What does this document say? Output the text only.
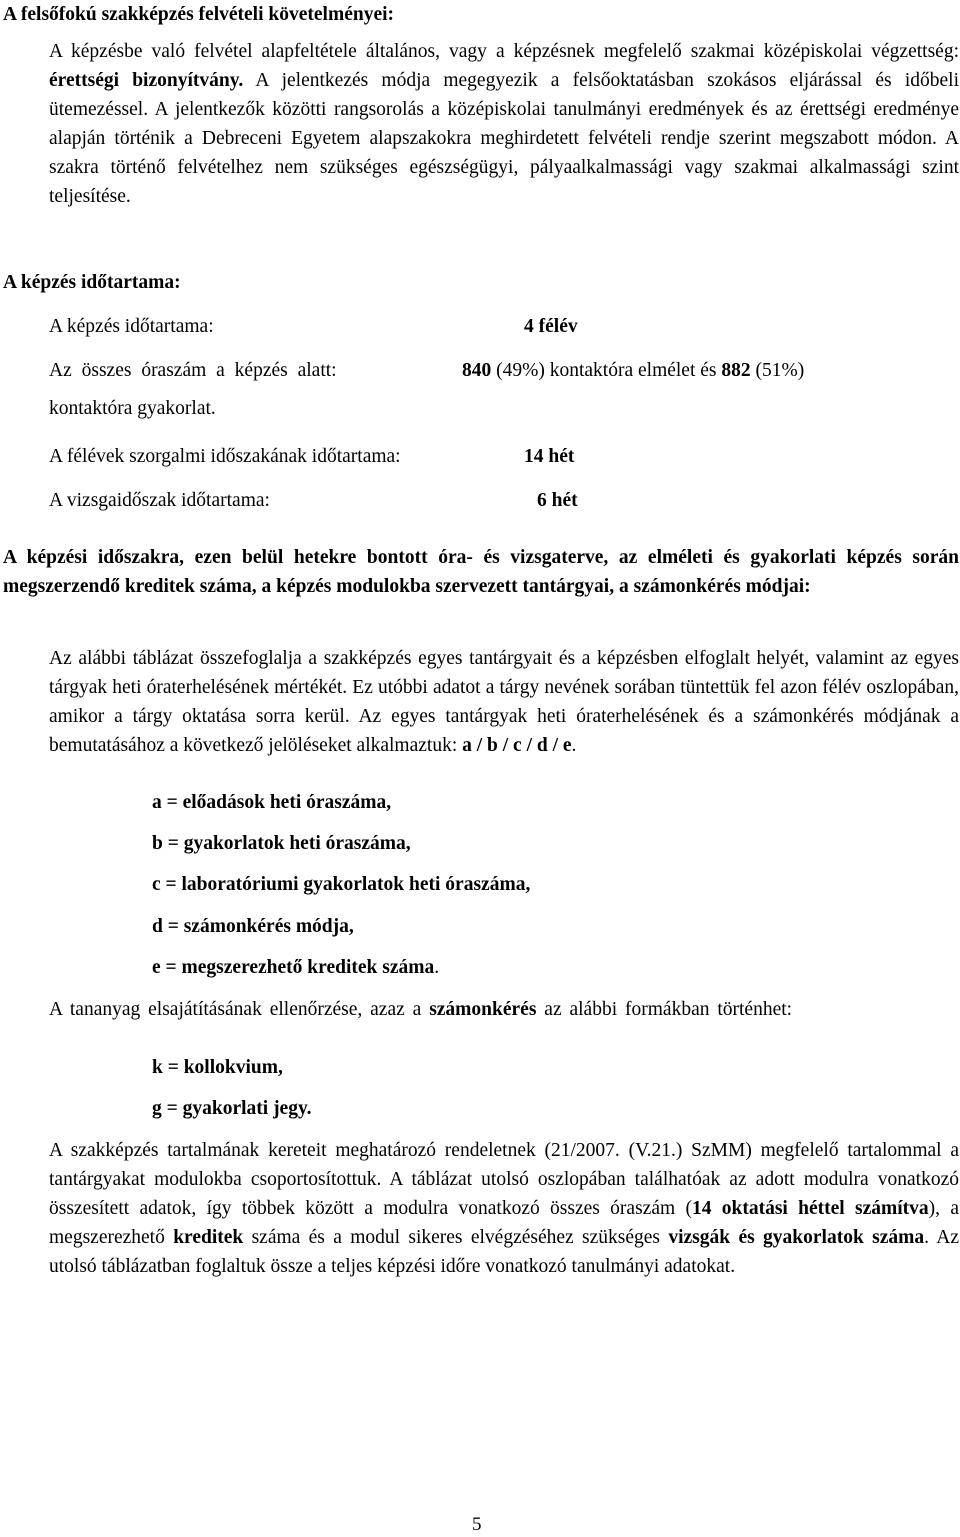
A felsőfokú szakképzés felvételi követelményei:
A képzésbe való felvétel alapfeltétele általános, vagy a képzésnek megfelelő szakmai középiskolai végzettség: érettségi bizonyítvány. A jelentkezés módja megegyezik a felsőoktatásban szokásos eljárással és időbeli ütemezéssel. A jelentkezők közötti rangsorolás a középiskolai tanulmányi eredmények és az érettségi eredménye alapján történik a Debreceni Egyetem alapszakokra meghirdetett felvételi rendje szerint megszabott módon. A szakra történő felvételhez nem szükséges egészségügyi, pályaalkalmassági vagy szakmai alkalmassági szint teljesítése.
A képzés időtartama:
A képzés időtartama:	4 félév
Az összes óraszám a képzés alatt:	840 (49%) kontaktóra elmélet és 882 (51%)
kontaktóra gyakorlat.
A félévek szorgalmi időszakának időtartama:	14 hét
A vizsgaidőszak időtartama:	6 hét
A képzési időszakra, ezen belül hetekre bontott óra- és vizsgaterve, az elméleti és gyakorlati képzés során megszerzendő kreditek száma, a képzés modulokba szervezett tantárgyai, a számonkérés módjai:
Az alábbi táblázat összefoglalja a szakképzés egyes tantárgyait és a képzésben elfoglalt helyét, valamint az egyes tárgyak heti óraterhelésének mértékét. Ez utóbbi adatot a tárgy nevének sorában tüntettük fel azon félév oszlopában, amikor a tárgy oktatása sorra kerül. Az egyes tantárgyak heti óraterhelésének és a számonkérés módjának a bemutatásához a következő jelöléseket alkalmaztuk: a / b / c / d / e.
a = előadások heti óraszáma,
b = gyakorlatok heti óraszáma,
c = laboratóriumi gyakorlatok heti óraszáma,
d = számonkérés módja,
e = megszerezhető kreditek száma.
A tananyag elsajátításának ellenőrzése, azaz a számonkérés az alábbi formákban történhet:
k = kollokvium,
g = gyakorlati jegy.
A szakképzés tartalmának kereteit meghatározó rendeletnek (21/2007. (V.21.) SzMM) megfelelő tartalommal a tantárgyakat modulokba csoportosítottuk. A táblázat utolsó oszlopában találhatóak az adott modulra vonatkozó összesített adatok, így többek között a modulra vonatkozó összes óraszám (14 oktatási héttel számítva), a megszerezhető kreditek száma és a modul sikeres elvégzéséhez szükséges vizsgák és gyakorlatok száma. Az utolsó táblázatban foglaltuk össze a teljes képzési időre vonatkozó tanulmányi adatokat.
5
